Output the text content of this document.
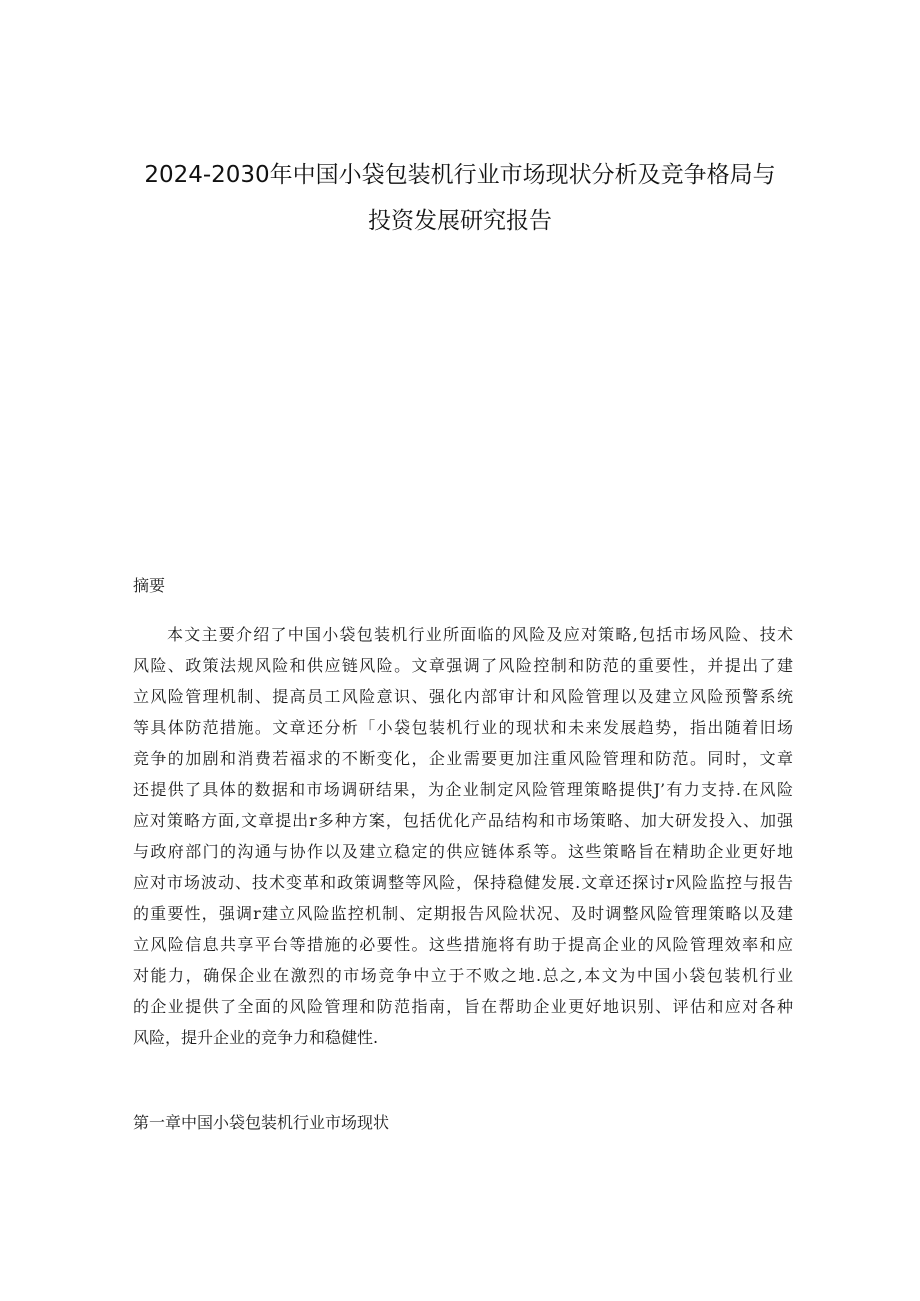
2024-2030年中国小袋包装机行业市场现状分析及竞争格局与
投资发展研究报告
摘要
本文主要介绍了中国小袋包装机行业所面临的风险及应对策略,包括市场风险、技术
风险、政策法规风险和供应链风险。文章强调了风险控制和防范的重要性，并提出了建
立风险管理机制、提高员工风险意识、强化内部审计和风险管理以及建立风险预警系统
等具体防范措施。文章还分析「小袋包装机行业的现状和未来发展趋势，指出随着旧场
竞争的加剧和消费若福求的不断变化，企业需要更加注重风险管理和防范。同时，文章
还提供了具体的数据和市场调研结果，为企业制定风险管理策略提供J’有力支持.在风险
应对策略方面,文章提出r多种方案，包括优化产品结构和市场策略、加大研发投入、加强
与政府部门的沟通与协作以及建立稳定的供应链体系等。这些策略旨在精助企业更好地
应对市场波动、技术变革和政策调整等风险，保持稳健发展.文章还探讨r风险监控与报告
的重要性，强调r建立风险监控机制、定期报告风险状况、及时调整风险管理策略以及建
立风险信息共享平台等措施的必要性。这些措施将有助于提高企业的风险管理效率和应
对能力，确保企业在激烈的市场竞争中立于不败之地.总之,本文为中国小袋包装机行业
的企业提供了全面的风险管理和防范指南，旨在帮助企业更好地识别、评估和应对各种
风险，提升企业的竞争力和稳健性.
第一章中国小袋包装机行业市场现状
